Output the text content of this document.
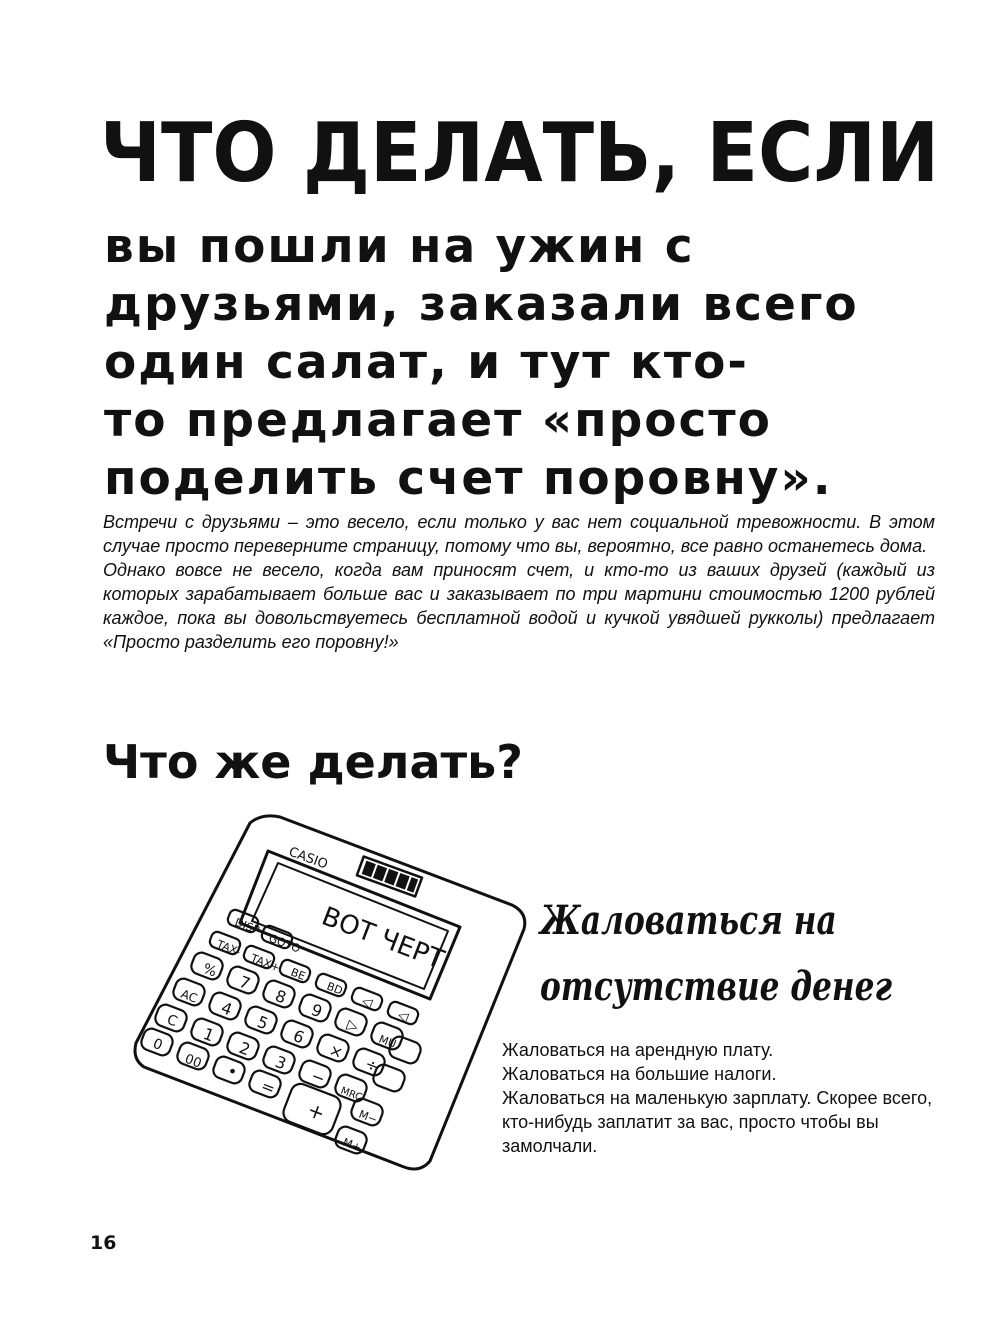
ЧТО ДЕЛАТЬ, ЕСЛИ
вы пошли на ужин с
друзьями, заказали всего
один салат, и тут кто-
то предлагает «просто
поделить счет поровну».

Встречи с друзьями – это весело, если только у вас нет социальной тревожности. В этом случае просто переверните страницу, потому что вы, вероятно, все равно останетесь дома.

Однако вовсе не весело, когда вам приносят счет, и кто-то из ваших друзей (каждый из которых зарабатывает больше вас и заказывает по три мартини стоимостью 1200 рублей каждое, пока вы довольствуетесь бесплатной водой и кучкой увядшей рукколы) предлагает «Просто разделить его поровну!»

Что же делать?
CASIO
ВОТ ЧЕРТ
DISP
GOTO
TAX-
TAX+ BE
BD
◁
◁
%
7
8
9
▷
MU
AC
4
5
6
×
÷
C
1
2
3
−
MRC
0
00 •
=
+	M−
M+
Жаловаться на
отсутствие денег

Жаловаться на арендную плату.

Жаловаться на большие налоги.

Жаловаться на маленькую зарплату. Скорее всего, кто-нибудь заплатит за вас, просто чтобы вы замолчали.

16
